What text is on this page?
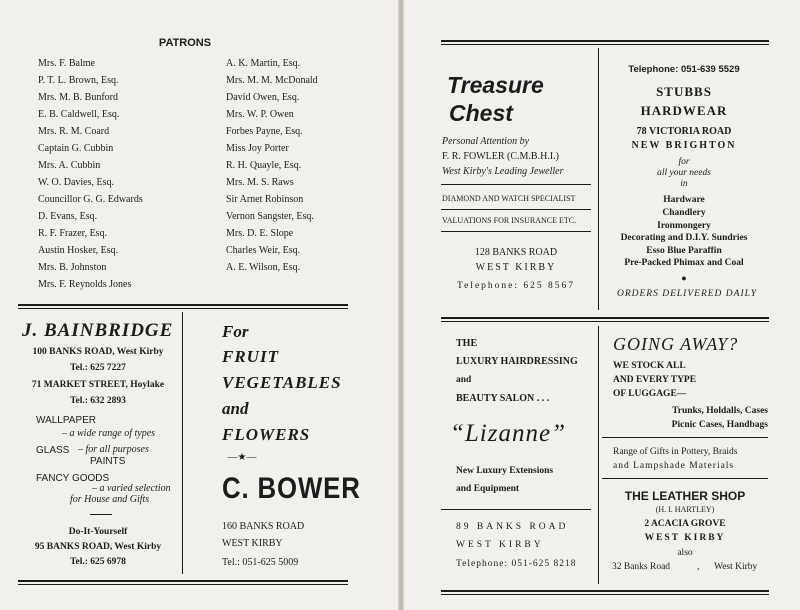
PATRONS
Mrs. F. Balme
P. T. L. Brown, Esq.
Mrs. M. B. Bunford
E. B. Caldwell, Esq.
Mrs. R. M. Coard
Captain G. Cubbin
Mrs. A. Cubbin
W. O. Davies, Esq.
Councillor G. G. Edwards
D. Evans, Esq.
R. F. Frazer, Esq.
Austin Hosker, Esq.
Mrs. B. Johnston
Mrs. F. Reynolds Jones
A. K. Martin, Esq.
Mrs. M. M. McDonald
David Owen, Esq.
Mrs. W. P. Owen
Forbes Payne, Esq.
Miss Joy Porter
R. H. Quayle, Esq.
Mrs. M. S. Raws
Sir Arnet Robinson
Vernon Sangster, Esq.
Mrs. D. E. Slope
Charles Weir, Esq.
A. E. Wilson, Esq.
J. BAINBRIDGE
100 BANKS ROAD, West Kirby
Tel.: 625 7227
71 MARKET STREET, Hoylake
Tel.: 632 2893
WALLPAPER
– a wide range of types
GLASS – for all purposes
PAINTS
FANCY GOODS
– a varied selection
for House and Gifts
Do-It-Yourself
95 BANKS ROAD, West Kirby
Tel.: 625 6978
For
FRUIT
VEGETABLES
and
FLOWERS
—★—
C. BOWER
160 BANKS ROAD
WEST KIRBY
Tel.: 051-625 5009
Treasure
Chest
Personal Attention by
F. R. FOWLER (C.M.B.H.I.)
West Kirby's Leading Jeweller
DIAMOND AND WATCH SPECIALIST
VALUATIONS FOR INSURANCE ETC.
128 BANKS ROAD
WEST KIRBY
Telephone: 625 8567
Telephone: 051-639 5529
STUBBS
HARDWEAR
78 VICTORIA ROAD
NEW BRIGHTON
for
all your needs
in
Hardware
Chandlery
Ironmongery
Decorating and D.I.Y. Sundries
Esso Blue Paraffin
Pre-Packed Phimax and Coal
●
ORDERS DELIVERED DAILY
THE
LUXURY HAIRDRESSING
and
BEAUTY SALON . . .
“Lizanne”
New Luxury Extensions
and Equipment
89 BANKS ROAD
WEST KIRBY
Telephone: 051-625 8218
GOING AWAY?
WE STOCK ALL
AND EVERY TYPE
OF LUGGAGE—
Trunks, Holdalls, Cases
Picnic Cases, Handbags
Range of Gifts in Pottery, Braids
and Lampshade Materials
THE LEATHER SHOP
(H. I. HARTLEY)
2 ACACIA GROVE
WEST KIRBY
also
32 Banks Road	, West Kirby
